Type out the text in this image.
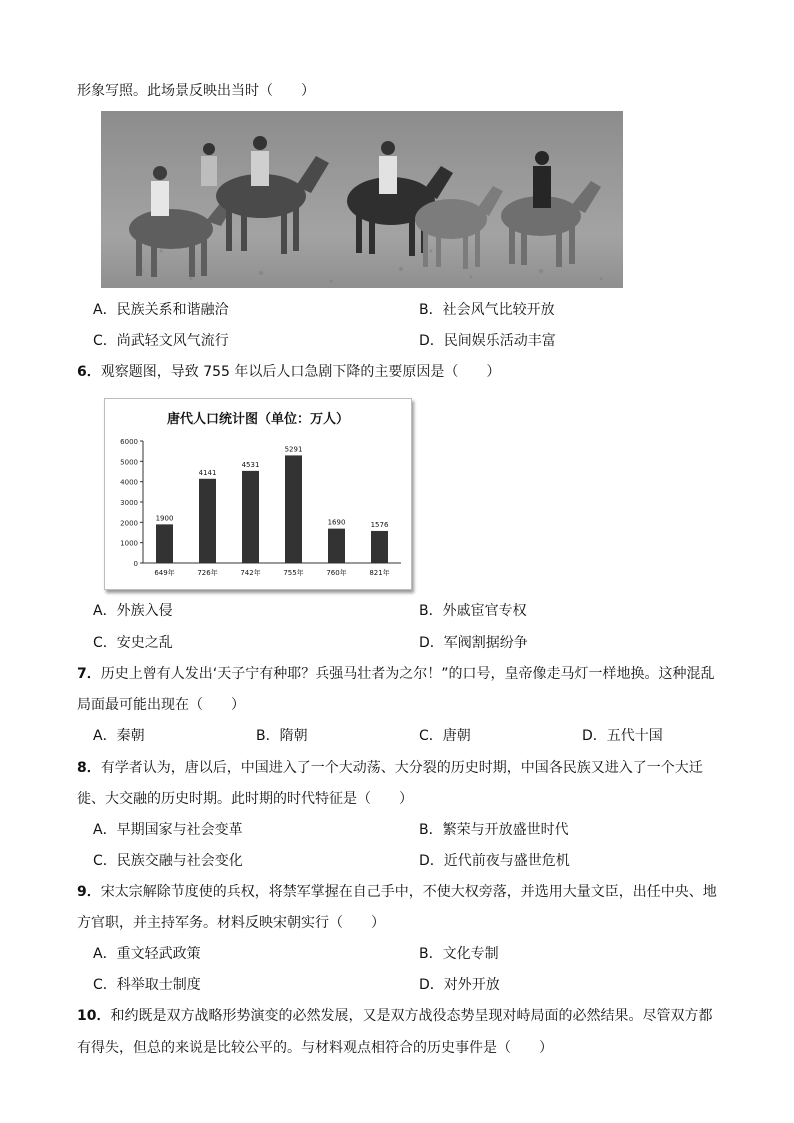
形象写照。此场景反映出当时（　　）
A．民族关系和谐融洽	B．社会风气比较开放
C．尚武轻文风气流行	D．民间娱乐活动丰富
6．观察题图，导致 755 年以后人口急剧下降的主要原因是（　　）
唐代人口统计图（单位：万人）
0
1000
2000
3000
4000
5000
6000
1900
649年
4141
726年
4531
742年
5291
755年
1690
760年
1576
821年
A．外族入侵	B．外戚宦官专权
C．安史之乱	D．军阀割据纷争
7．历史上曾有人发出‘天子宁有种耶？兵强马壮者为之尔！”的口号，皇帝像走马灯一样地换。这种混乱
局面最可能出现在（　　）
A．秦朝	B．隋朝	C．唐朝	D．五代十国
8．有学者认为，唐以后，中国进入了一个大动荡、大分裂的历史时期，中国各民族又进入了一个大迁
徙、大交融的历史时期。此时期的时代特征是（　　）
A．早期国家与社会变革	B．繁荣与开放盛世时代
C．民族交融与社会变化	D．近代前夜与盛世危机
9．宋太宗解除节度使的兵权，将禁军掌握在自己手中，不使大权旁落，并选用大量文臣，出任中央、地
方官职，并主持军务。材料反映宋朝实行（　　）
A．重文轻武政策	B．文化专制
C．科举取士制度	D．对外开放
10．和约既是双方战略形势演变的必然发展，又是双方战役态势呈现对峙局面的必然结果。尽管双方都
有得失，但总的来说是比较公平的。与材料观点相符合的历史事件是（　　）
